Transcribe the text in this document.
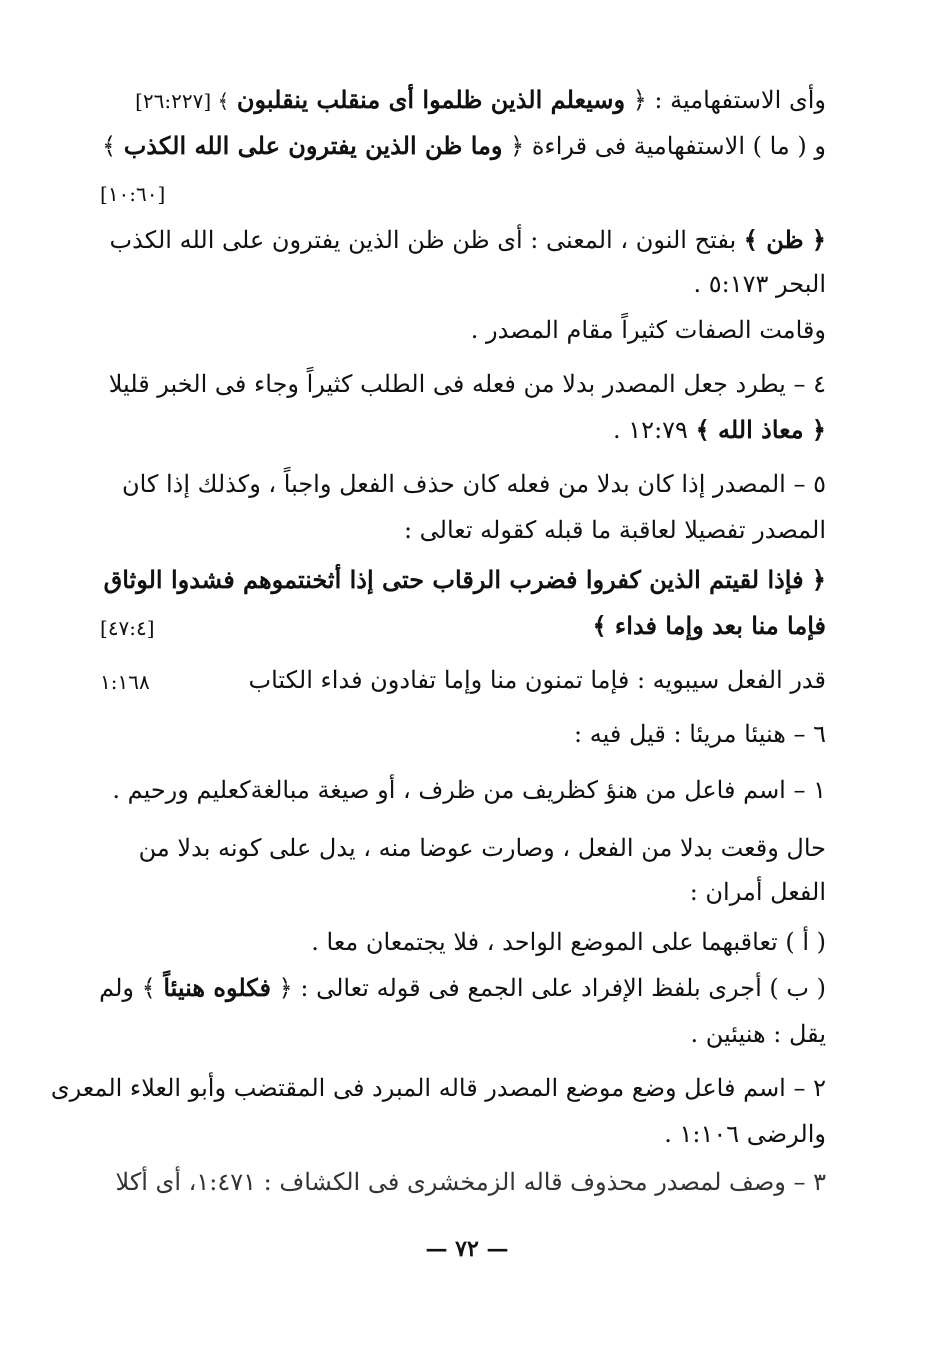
وأى الاستفهامية : ﴿ وسيعلم الذين ظلموا أى منقلب ينقلبون ﴾ [٢٦:٢٢٧]
و ( ما ) الاستفهامية فى قراءة ﴿ وما ظن الذين يفترون على الله الكذب ﴾
[١٠:٦٠]
﴿ ظن ﴾ بفتح النون ، المعنى : أى ظن ظن الذين يفترون على الله الكذب
البحر ٥:١٧٣ .
وقامت الصفات كثيراً مقام المصدر .
٤ – يطرد جعل المصدر بدلا من فعله فى الطلب كثيراً وجاء فى الخبر قليلا
﴿ معاذ الله ﴾ ١٢:٧٩ .
٥ – المصدر إذا كان بدلا من فعله كان حذف الفعل واجباً ، وكذلك إذا كان
المصدر تفصيلا لعاقبة ما قبله كقوله تعالى :
﴿ فإذا لقيتم الذين كفروا فضرب الرقاب حتى إذا أثخنتموهم فشدوا الوثاق
فإما منا بعد وإما فداء ﴾
[٤٧:٤]
قدر الفعل سيبويه : فإما تمنون منا وإما تفادون فداء الكتاب
١:١٦٨
٦ – هنيئا مريئا : قيل فيه :
١ – اسم فاعل من هنؤ كظريف من ظرف ، أو صيغة مبالغةكعليم ورحيم .
حال وقعت بدلا من الفعل ، وصارت عوضا منه ، يدل على كونه بدلا من
الفعل أمران :
( أ ) تعاقبهما على الموضع الواحد ، فلا يجتمعان معا .
( ب ) أجرى بلفظ الإفراد على الجمع فى قوله تعالى : ﴿ فكلوه هنيئاً ﴾ ولم
يقل : هنيئين .
٢ – اسم فاعل وضع موضع المصدر قاله المبرد فى المقتضب وأبو العلاء المعرى
والرضى ١:١٠٦ .
٣ – وصف لمصدر محذوف قاله الزمخشرى فى الكشاف : ١:٤٧١، أى أكلا
— ٧٢ —
